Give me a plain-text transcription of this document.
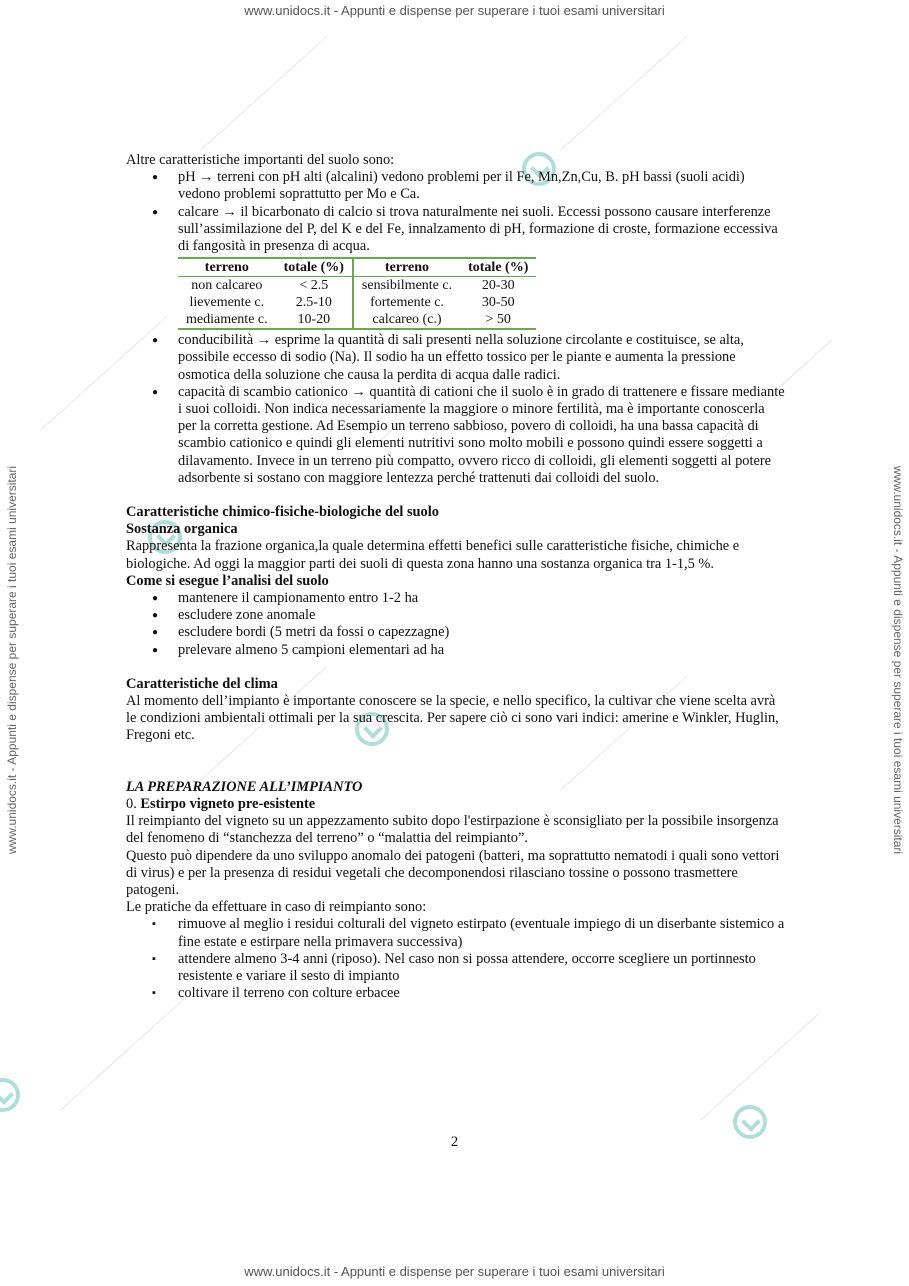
www.unidocs.it - Appunti e dispense per superare i tuoi esami universitari
www.unidocs.it - Appunti e dispense per superare i tuoi esami universitari	www.unidocs.it - Appunti e dispense per superare i tuoi esami universitari

Altre caratteristiche importanti del suolo sono:

● pH → terreni con pH alti (alcalini) vedono problemi per il Fe, Mn,Zn,Cu, B. pH bassi (suoli acidi) vedono problemi soprattutto per Mo e Ca.
● calcare → il bicarbonato di calcio si trova naturalmente nei suoli. Eccessi possono causare interferenze sull’assimilazione del P, del K e del Fe, innalzamento di pH, formazione di croste, formazione eccessiva di fangosità in presenza di acqua.
terreno	totale (%)	terreno	totale (%)
non calcareo	< 2.5	sensibilmente c.	20-30
lievemente c.	2.5-10	fortemente c.	30-50
mediamente c.	10-20	calcareo (c.)	> 50
● conducibilità → esprime la quantità di sali presenti nella soluzione circolante e costituisce, se alta, possibile eccesso di sodio (Na). Il sodio ha un effetto tossico per le piante e aumenta la pressione osmotica della soluzione che causa la perdita di acqua dalle radici.
● capacità di scambio cationico → quantità di cationi che il suolo è in grado di trattenere e fissare mediante i suoi colloidi. Non indica necessariamente la maggiore o minore fertilità, ma è importante conoscerla per la corretta gestione. Ad Esempio un terreno sabbioso, povero di colloidi, ha una bassa capacità di scambio cationico e quindi gli elementi nutritivi sono molto mobili e possono quindi essere soggetti a dilavamento. Invece in un terreno più compatto, ovvero ricco di colloidi, gli elementi soggetti al potere adsorbente si sostano con maggiore lentezza perché trattenuti dai colloidi del suolo.

Caratteristiche chimico-fisiche-biologiche del suolo

Sostanza organica

Rappresenta la frazione organica,la quale determina effetti benefici sulle caratteristiche fisiche, chimiche e biologiche. Ad oggi la maggior parti dei suoli di questa zona hanno una sostanza organica tra 1-1,5 %.

Come si esegue l’analisi del suolo

● mantenere il campionamento entro 1-2 ha
● escludere zone anomale
● escludere bordi (5 metri da fossi o capezzagne)
● prelevare almeno 5 campioni elementari ad ha

Caratteristiche del clima

Al momento dell’impianto è importante conoscere se la specie, e nello specifico, la cultivar che viene scelta avrà le condizioni ambientali ottimali per la sua crescita. Per sapere ciò ci sono vari indici: amerine e Winkler, Huglin, Fregoni etc.

LA PREPARAZIONE ALL’IMPIANTO

0. Estirpo vigneto pre-esistente

Il reimpianto del vigneto su un appezzamento subito dopo l'estirpazione è sconsigliato per la possibile insorgenza del fenomeno di “stanchezza del terreno” o “malattia del reimpianto”.

Questo può dipendere da uno sviluppo anomalo dei patogeni (batteri, ma soprattutto nematodi i quali sono vettori di virus) e per la presenza di residui vegetali che decomponendosi rilasciano tossine o possono trasmettere patogeni.

Le pratiche da effettuare in caso di reimpianto sono:

▪ rimuove al meglio i residui colturali del vigneto estirpato (eventuale impiego di un diserbante sistemico a fine estate e estirpare nella primavera successiva)
▪ attendere almeno 3-4 anni (riposo). Nel caso non si possa attendere, occorre scegliere un portinnesto resistente e variare il sesto di impianto
▪ coltivare il terreno con colture erbacee
2
www.unidocs.it - Appunti e dispense per superare i tuoi esami universitari
